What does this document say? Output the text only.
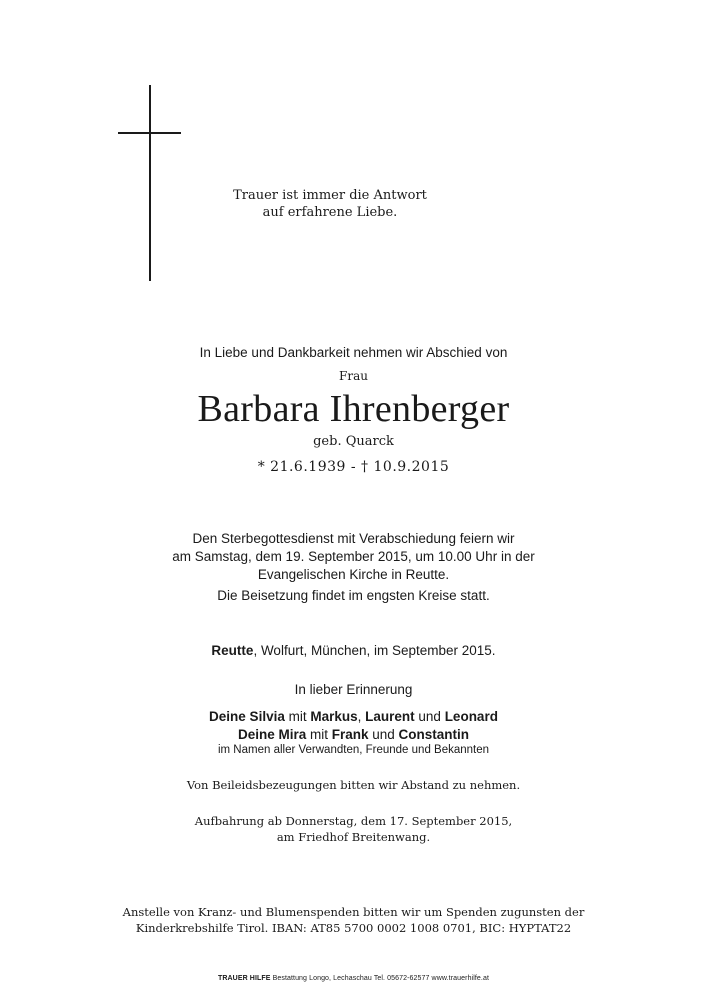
Trauer ist immer die Antwort
auf erfahrene Liebe.
In Liebe und Dankbarkeit nehmen wir Abschied von
Frau
Barbara Ihrenberger
geb. Quarck
* 21.6.1939 - † 10.9.2015
Den Sterbegottesdienst mit Verabschiedung feiern wir
am Samstag, dem 19. September 2015, um 10.00 Uhr in der
Evangelischen Kirche in Reutte.
Die Beisetzung findet im engsten Kreise statt.
Reutte, Wolfurt, München, im September 2015.
In lieber Erinnerung
Deine Silvia mit Markus, Laurent und Leonard
Deine Mira mit Frank und Constantin
im Namen aller Verwandten, Freunde und Bekannten
Von Beileidsbezeugungen bitten wir Abstand zu nehmen.
Aufbahrung ab Donnerstag, dem 17. September 2015,
am Friedhof Breitenwang.
Anstelle von Kranz- und Blumenspenden bitten wir um Spenden zugunsten der
Kinderkrebshilfe Tirol. IBAN: AT85 5700 0002 1008 0701, BIC: HYPTAT22
TRAUER HILFE Bestattung Longo, Lechaschau Tel. 05672-62577 www.trauerhilfe.at
